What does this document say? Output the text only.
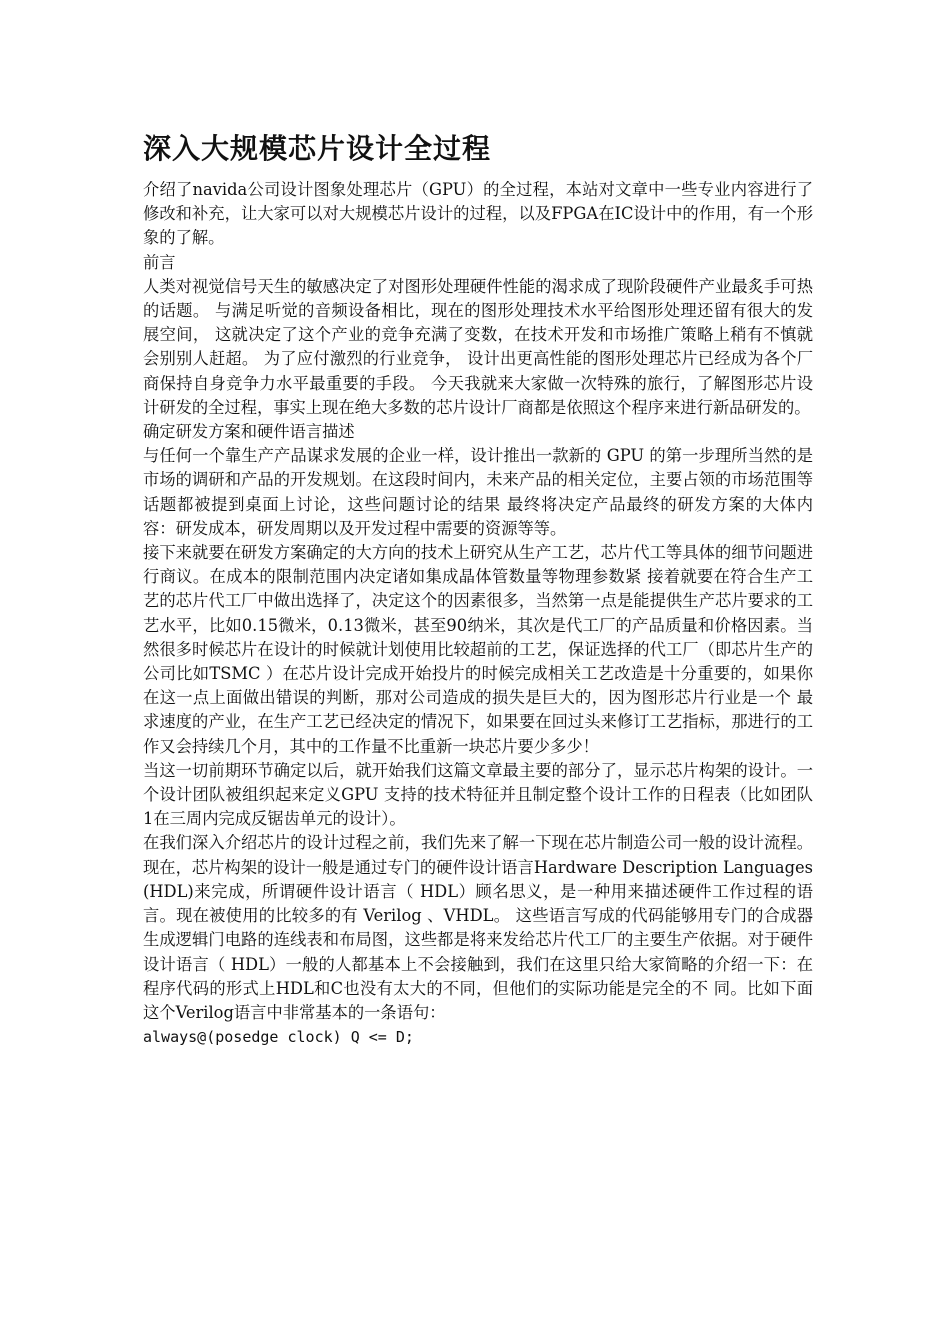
深入大规模芯片设计全过程

介绍了navida公司设计图象处理芯片（GPU）的全过程，本站对文章中一些专业内容进行了修改和补充，让大家可以对大规模芯片设计的过程，以及FPGA在IC设计中的作用，有一个形象的了解。

前言

人类对视觉信号天生的敏感决定了对图形处理硬件性能的渴求成了现阶段硬件产业最炙手可热的话题。 与满足听觉的音频设备相比，现在的图形处理技术水平给图形处理还留有很大的发展空间， 这就决定了这个产业的竞争充满了变数，在技术开发和市场推广策略上稍有不慎就会别别人赶超。 为了应付激烈的行业竞争， 设计出更高性能的图形处理芯片已经成为各个厂商保持自身竞争力水平最重要的手段。 今天我就来大家做一次特殊的旅行，了解图形芯片设计研发的全过程，事实上现在绝大多数的芯片设计厂商都是依照这个程序来进行新品研发的。

确定研发方案和硬件语言描述

与任何一个靠生产产品谋求发展的企业一样，设计推出一款新的 GPU 的第一步理所当然的是市场的调研和产品的开发规划。在这段时间内，未来产品的相关定位，主要占领的市场范围等话题都被提到桌面上讨论，这些问题讨论的结果 最终将决定产品最终的研发方案的大体内容：研发成本，研发周期以及开发过程中需要的资源等等。

接下来就要在研发方案确定的大方向的技术上研究从生产工艺，芯片代工等具体的细节问题进行商议。在成本的限制范围内决定诸如集成晶体管数量等物理参数紧 接着就要在符合生产工艺的芯片代工厂中做出选择了，决定这个的因素很多，当然第一点是能提供生产芯片要求的工艺水平，比如0.15微米，0.13微米，甚至90纳米，其次是代工厂的产品质量和价格因素。当然很多时候芯片在设计的时候就计划使用比较超前的工艺，保证选择的代工厂（即芯片生产的公司比如TSMC ）在芯片设计完成开始投片的时候完成相关工艺改造是十分重要的，如果你在这一点上面做出错误的判断，那对公司造成的损失是巨大的，因为图形芯片行业是一个 最求速度的产业，在生产工艺已经决定的情况下，如果要在回过头来修订工艺指标，那进行的工作又会持续几个月，其中的工作量不比重新一块芯片要少多少！

当这一切前期环节确定以后，就开始我们这篇文章最主要的部分了，显示芯片构架的设计。一个设计团队被组织起来定义GPU 支持的技术特征并且制定整个设计工作的日程表（比如团队1在三周内完成反锯齿单元的设计）。

在我们深入介绍芯片的设计过程之前，我们先来了解一下现在芯片制造公司一般的设计流程。 现在，芯片构架的设计一般是通过专门的硬件设计语言Hardware Description Languages (HDL)来完成，所谓硬件设计语言（ HDL）顾名思义，是一种用来描述硬件工作过程的语言。现在被使用的比较多的有 Verilog 、VHDL。 这些语言写成的代码能够用专门的合成器生成逻辑门电路的连线表和布局图，这些都是将来发给芯片代工厂的主要生产依据。对于硬件设计语言（ HDL）一般的人都基本上不会接触到，我们在这里只给大家简略的介绍一下：在程序代码的形式上HDL和C也没有太大的不同，但他们的实际功能是完全的不 同。比如下面这个Verilog语言中非常基本的一条语句：

always@(posedge clock) Q <= D;
